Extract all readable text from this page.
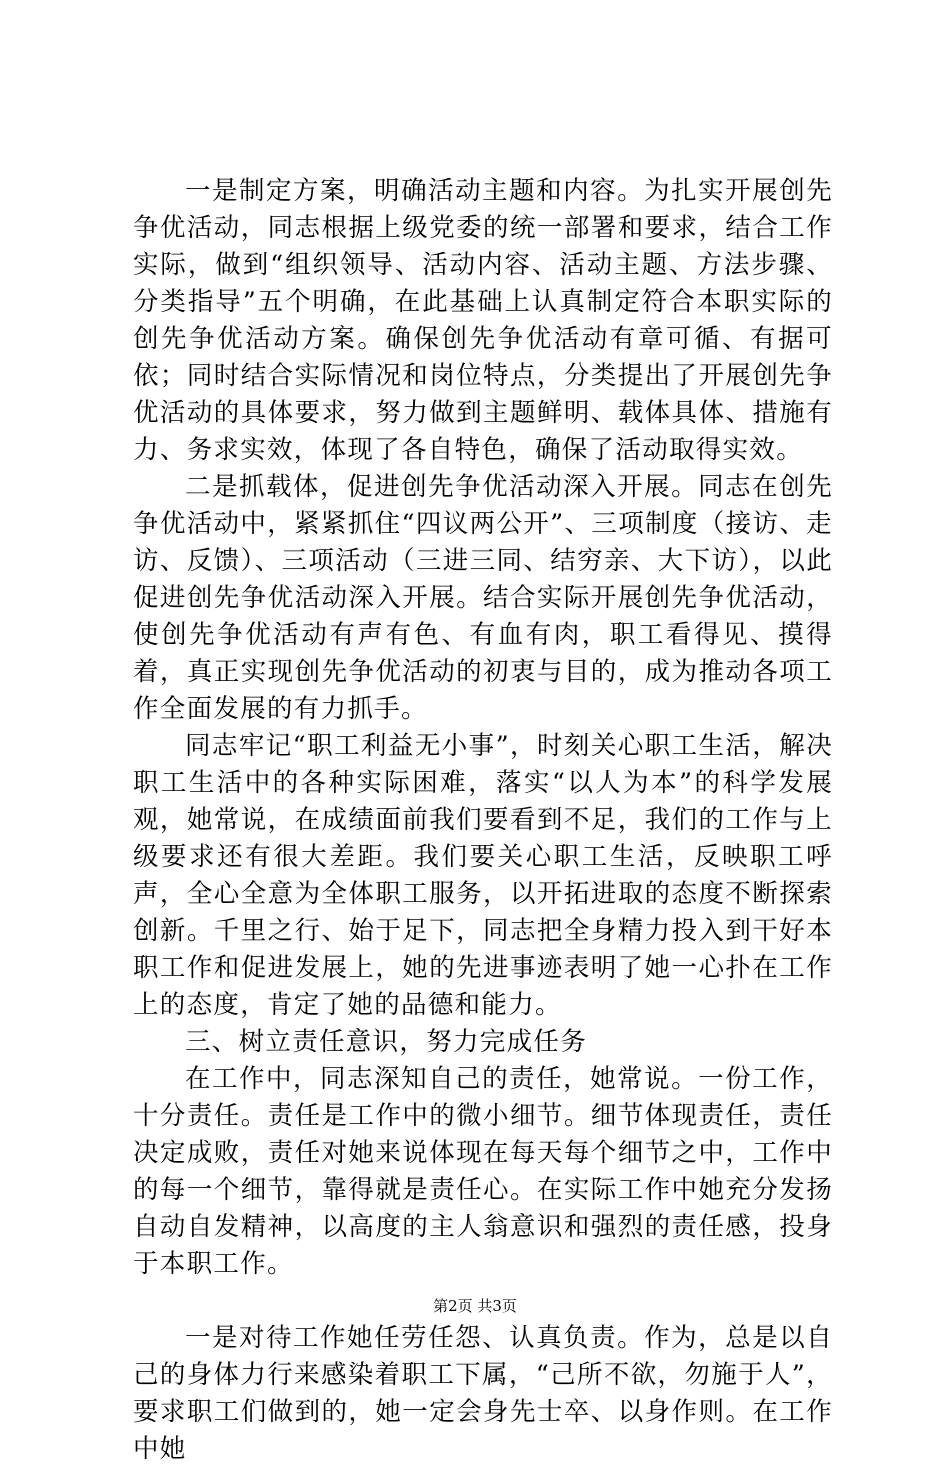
一是制定方案，明确活动主题和内容。为扎实开展创先争优活动，同志根据上级党委的统一部署和要求，结合工作实际，做到“组织领导、活动内容、活动主题、方法步骤、分类指导”五个明确，在此基础上认真制定符合本职实际的创先争优活动方案。确保创先争优活动有章可循、有据可依；同时结合实际情况和岗位特点，分类提出了开展创先争优活动的具体要求，努力做到主题鲜明、载体具体、措施有力、务求实效，体现了各自特色，确保了活动取得实效。

二是抓载体，促进创先争优活动深入开展。同志在创先争优活动中，紧紧抓住“四议两公开”、三项制度（接访、走访、反馈）、三项活动（三进三同、结穷亲、大下访），以此促进创先争优活动深入开展。结合实际开展创先争优活动，使创先争优活动有声有色、有血有肉，职工看得见、摸得着，真正实现创先争优活动的初衷与目的，成为推动各项工作全面发展的有力抓手。

同志牢记“职工利益无小事”，时刻关心职工生活，解决职工生活中的各种实际困难，落实“以人为本”的科学发展观，她常说，在成绩面前我们要看到不足，我们的工作与上级要求还有很大差距。我们要关心职工生活，反映职工呼声，全心全意为全体职工服务，以开拓进取的态度不断探索创新。千里之行、始于足下，同志把全身精力投入到干好本职工作和促进发展上，她的先进事迹表明了她一心扑在工作上的态度，肯定了她的品德和能力。

三、树立责任意识，努力完成任务

在工作中，同志深知自己的责任，她常说。一份工作，十分责任。责任是工作中的微小细节。细节体现责任，责任决定成败，责任对她来说体现在每天每个细节之中，工作中的每一个细节，靠得就是责任心。在实际工作中她充分发扬自动自发精神，以高度的主人翁意识和强烈的责任感，投身于本职工作。

一是对待工作她任劳任怨、认真负责。作为，总是以自己的身体力行来感染着职工下属，“己所不欲，勿施于人”，要求职工们做到的，她一定会身先士卒、以身作则。在工作中她

第2页 共3页
